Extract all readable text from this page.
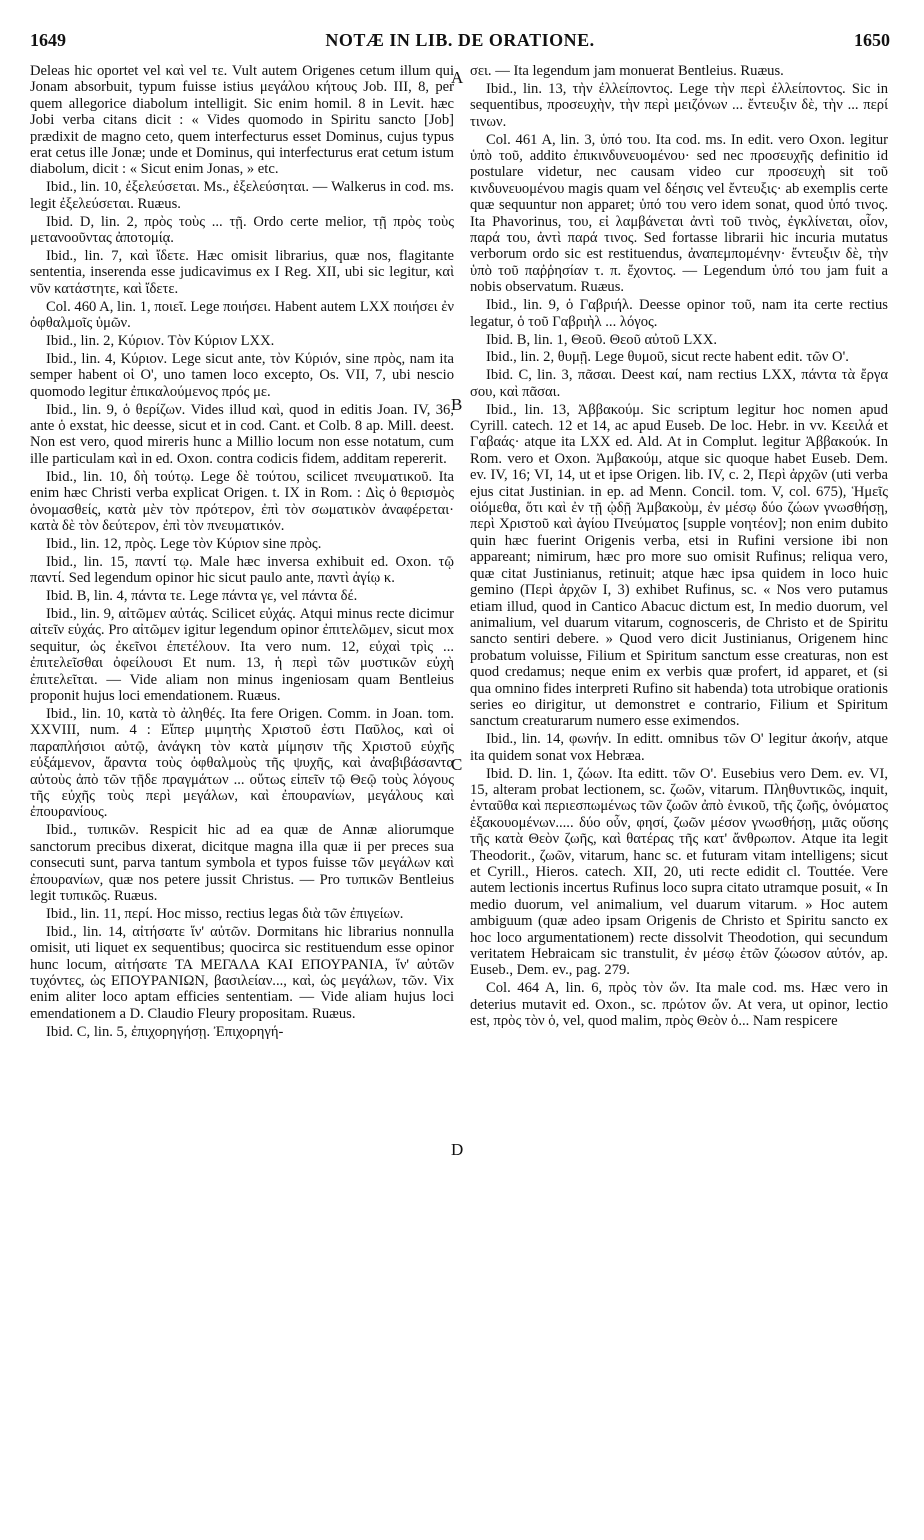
1649	NOTÆ IN LIB. DE ORATIONE.	1650

Deleas hic oportet vel καὶ vel τε. Vult autem Origenes cetum illum qui Jonam absorbuit, typum fuisse istius μεγάλου κήτους Job. III, 8, per quem allegorice diabolum intelligit. Sic enim homil. 8 in Levit. hæc Jobi verba citans dicit : « Vides quomodo in Spiritu sancto [Job] prædixit de magno ceto, quem interfecturus esset Dominus, cujus typus erat cetus ille Jonæ; unde et Dominus, qui interfecturus erat cetum istum diabolum, dicit : « Sicut enim Jonas, » etc.

Ibid., lin. 10, ἐξελεύσεται. Ms., ἐξελεύσηται. — Walkerus in cod. ms. legit ἐξελεύσεται. Ruæus.

Ibid. D, lin. 2, πρὸς τοὺς ... τῇ. Ordo certe melior, τῇ πρὸς τοὺς μετανοοῦντας ἀποτομίᾳ.

Ibid., lin. 7, καὶ ἴδετε. Hæc omisit librarius, quæ nos, flagitante sententia, inserenda esse judicavimus ex I Reg. XII, ubi sic legitur, καὶ νῦν κατάστητε, καὶ ἴδετε.

Col. 460 A, lin. 1, ποιεῖ. Lege ποιήσει. Habent autem LXX ποιήσει ἐν ὀφθαλμοῖς ὑμῶν.

Ibid., lin. 2, Κύριον. Τὸν Κύριον LXX.

Ibid., lin. 4, Κύριον. Lege sicut ante, τὸν Κύριόν, sine πρὸς, nam ita semper habent οἱ Ο', uno tamen loco excepto, Os. VII, 7, ubi nescio quomodo legitur ἐπικαλούμενος πρός με.

Ibid., lin. 9, ὁ θερίζων. Vides illud καὶ, quod in editis Joan. IV, 36, ante ὁ exstat, hic deesse, sicut et in cod. Cant. et Colb. 8 ap. Mill. deest. Non est vero, quod mireris hunc a Millio locum non esse notatum, cum ille particulam καὶ in ed. Oxon. contra codicis fidem, additam repererit.

Ibid., lin. 10, δὴ τούτῳ. Lege δὲ τούτου, scilicet πνευματικοῦ. Ita enim hæc Christi verba explicat Origen. t. IX in Rom. : Δὶς ὁ θερισμὸς ὀνομασθείς, κατὰ μὲν τὸν πρότερον, ἐπὶ τὸν σωματικὸν ἀναφέρεται· κατὰ δὲ τὸν δεύτερον, ἐπὶ τὸν πνευματικόν.

Ibid., lin. 12, πρὸς. Lege τὸν Κύριον sine πρὸς.

Ibid., lin. 15, παντί τῳ. Male hæc inversa exhibuit ed. Oxon. τῷ παντί. Sed legendum opinor hic sicut paulo ante, παντὶ ἁγίῳ κ.

Ibid. B, lin. 4, πάντα τε. Lege πάντα γε, vel πάντα δέ.

Ibid., lin. 9, αἰτῶμεν αὐτάς. Scilicet εὐχάς. Atqui minus recte dicimur αἰτεῖν εὐχάς. Pro αἰτῶμεν igitur legendum opinor ἐπιτελῶμεν, sicut mox sequitur, ὡς ἐκεῖνοι ἐπετέλουν. Ita vero num. 12, εὐχαὶ τρὶς ... ἐπιτελεῖσθαι ὀφείλουσι Et num. 13, ἡ περὶ τῶν μυστικῶν εὐχὴ ἐπιτελεῖται. — Vide aliam non minus ingeniosam quam Bentleius proponit hujus loci emendationem. Ruæus.

Ibid., lin. 10, κατὰ τὸ ἀληθές. Ita fere Origen. Comm. in Joan. tom. XXVIII, num. 4 : Εἴπερ μιμητὴς Χριστοῦ ἐστι Παῦλος, καὶ οἱ παραπλήσιοι αὐτῷ, ἀνάγκη τὸν κατὰ μίμησιν τῆς Χριστοῦ εὐχῆς εὐξάμενον, ἄραντα τοὺς ὀφθαλμοὺς τῆς ψυχῆς, καὶ ἀναβιβάσαντα αὐτοὺς ἀπὸ τῶν τῇδε πραγμάτων ... οὕτως εἰπεῖν τῷ Θεῷ τοὺς λόγους τῆς εὐχῆς τοὺς περὶ μεγάλων, καὶ ἐπουρανίων, μεγάλους καὶ ἐπουρανίους.

Ibid., τυπικῶν. Respicit hic ad ea quæ de Annæ aliorumque sanctorum precibus dixerat, dicitque magna illa quæ ii per preces sua consecuti sunt, parva tantum symbola et typos fuisse τῶν μεγάλων καὶ ἐπουρανίων, quæ nos petere jussit Christus. — Pro τυπικῶν Bentleius legit τυπικῶς. Ruæus.

Ibid., lin. 11, περί. Hoc misso, rectius legas διὰ τῶν ἐπιγείων.

Ibid., lin. 14, αἰτήσατε ἵν' αὐτῶν. Dormitans hic librarius nonnulla omisit, uti liquet ex sequentibus; quocirca sic restituendum esse opinor hunc locum, αἰτήσατε ΤΑ ΜΕΓΑΛΑ ΚΑΙ ΕΠΟΥΡΑΝΙΑ, ἵν' αὐτῶν τυχόντες, ὡς ΕΠΟΥΡΑΝΙΩΝ, βασιλείαν..., καὶ, ὡς μεγάλων, τῶν. Vix enim aliter loco aptam efficies sententiam. — Vide aliam hujus loci emendationem a D. Claudio Fleury propositam. Ruæus.

Ibid. C, lin. 5, ἐπιχορηγήσῃ. Ἐπιχορηγή-

σει. — Ita legendum jam monuerat Bentleius. Ruæus.

Ibid., lin. 13, τὴν ἐλλείποντος. Lege τὴν περὶ ἐλλείποντος. Sic in sequentibus, προσευχὴν, τὴν περὶ μειζόνων ... ἔντευξιν δὲ, τὴν ... περί τινων.

Col. 461 A, lin. 3, ὑπό του. Ita cod. ms. In edit. vero Oxon. legitur ὑπὸ τοῦ, addito ἐπικινδυνευομένου· sed nec προσευχῆς definitio id postulare videtur, nec causam video cur προσευχὴ sit τοῦ κινδυνευομένου magis quam vel δέησις vel ἔντευξις· ab exemplis certe quæ sequuntur non apparet; ὑπό του vero idem sonat, quod ὑπό τινος. Ita Phavorinus, του, εἰ λαμβάνεται ἀντὶ τοῦ τινὸς, ἐγκλίνεται, οἷον, παρά του, ἀντὶ παρά τινος. Sed fortasse librarii hic incuria mutatus verborum ordo sic est restituendus, ἀναπεμπομένην· ἔντευξιν δὲ, τὴν ὑπὸ τοῦ παῤῥησίαν τ. π. ἔχοντος. — Legendum ὑπό του jam fuit a nobis observatum. Ruæus.

Ibid., lin. 9, ὁ Γαβριήλ. Deesse opinor τοῦ, nam ita certe rectius legatur, ὁ τοῦ Γαβριὴλ ... λόγος.

Ibid. B, lin. 1, Θεοῦ. Θεοῦ αὐτοῦ LXX.

Ibid., lin. 2, θυμῇ. Lege θυμοῦ, sicut recte habent edit. τῶν Ο'.

Ibid. C, lin. 3, πᾶσαι. Deest καί, nam rectius LXX, πάντα τὰ ἔργα σου, καὶ πᾶσαι.

Ibid., lin. 13, Ἀββακούμ. Sic scriptum legitur hoc nomen apud Cyrill. catech. 12 et 14, ac apud Euseb. De loc. Hebr. in vv. Κεειλά et Γαβαάς· atque ita LXX ed. Ald. At in Complut. legitur Ἀββακούκ. In Rom. vero et Oxon. Ἀμβακούμ, atque sic quoque habet Euseb. Dem. ev. IV, 16; VI, 14, ut et ipse Origen. lib. IV, c. 2, Περὶ ἀρχῶν (uti verba ejus citat Justinian. in ep. ad Menn. Concil. tom. V, col. 675), Ἡμεῖς οἰόμεθα, ὅτι καὶ ἐν τῇ ᾠδῇ Ἀμβακοὺμ, ἐν μέσῳ δύο ζώων γνωσθήσῃ, περὶ Χριστοῦ καὶ ἁγίου Πνεύματος [supple νοητέον]; non enim dubito quin hæc fuerint Origenis verba, etsi in Rufini versione ibi non appareant; nimirum, hæc pro more suo omisit Rufinus; reliqua vero, quæ citat Justinianus, retinuit; atque hæc ipsa quidem in loco huic gemino (Περὶ ἀρχῶν I, 3) exhibet Rufinus, sc. « Nos vero putamus etiam illud, quod in Cantico Abacuc dictum est, In medio duorum, vel animalium, vel duarum vitarum, cognosceris, de Christo et de Spiritu sancto sentiri debere. » Quod vero dicit Justinianus, Origenem hinc probatum voluisse, Filium et Spiritum sanctum esse creaturas, non est quod credamus; neque enim ex verbis quæ profert, id apparet, et (si qua omnino fides interpreti Rufino sit habenda) tota utrobique orationis series eo dirigitur, ut demonstret e contrario, Filium et Spiritum sanctum creaturarum numero esse eximendos.

Ibid., lin. 14, φωνήν. In editt. omnibus τῶν Ο' legitur ἀκοήν, atque ita quidem sonat vox Hebræa.

Ibid. D. lin. 1, ζώων. Ita editt. τῶν Ο'. Eusebius vero Dem. ev. VI, 15, alteram probat lectionem, sc. ζωῶν, vitarum. Πληθυντικῶς, inquit, ἐνταῦθα καὶ περιεσπωμένως τῶν ζωῶν ἀπὸ ἑνικοῦ, τῆς ζωῆς, ὀνόματος ἐξακουομένων..... δύο οὖν, φησί, ζωῶν μέσον γνωσθήσῃ, μιᾶς οὔσης τῆς κατὰ Θεὸν ζωῆς, καὶ θατέρας τῆς κατ' ἄνθρωπον. Atque ita legit Theodorit., ζωῶν, vitarum, hanc sc. et futuram vitam intelligens; sicut et Cyrill., Hieros. catech. XII, 20, uti recte edidit cl. Touttée. Vere autem lectionis incertus Rufinus loco supra citato utramque posuit, « In medio duorum, vel animalium, vel duarum vitarum. » Hoc autem ambiguum (quæ adeo ipsam Origenis de Christo et Spiritu sancto ex hoc loco argumentationem) recte dissolvit Theodotion, qui secundum veritatem Hebraicam sic transtulit, ἐν μέσῳ ἐτῶν ζώωσον αὐτόν, ap. Euseb., Dem. ev., pag. 279.

Col. 464 A, lin. 6, πρὸς τὸν ὤν. Ita male cod. ms. Hæc vero in deterius mutavit ed. Oxon., sc. πρώτον ὤν. At vera, ut opinor, lectio est, πρὸς τὸν ὁ, vel, quod malim, πρὸς Θεὸν ὁ... Nam respicere

A
B
C
D
